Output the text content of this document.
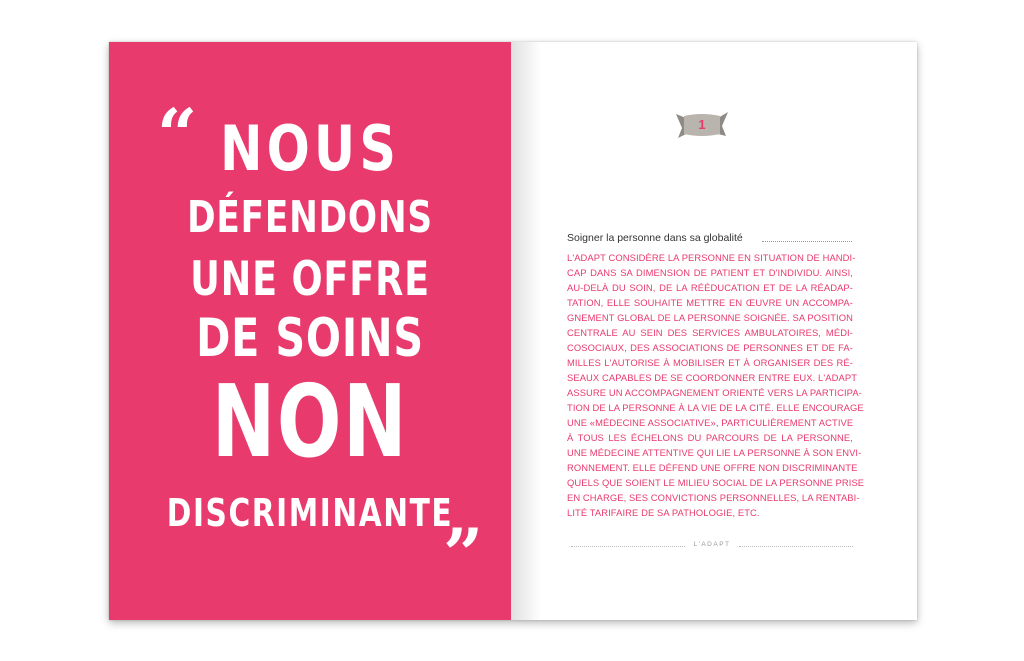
“ NOUS
DÉFENDONS
UNE OFFRE
DE SOINS
NON
DISCRIMINANTE
”
1
Soigner la personne dans sa globalité
L'ADAPT CONSIDÈRE LA PERSONNE EN SITUATION DE HANDI-
CAP DANS SA DIMENSION DE PATIENT ET D'INDIVIDU. AINSI,
AU-DELÀ DU SOIN, DE LA RÉÉDUCATION ET DE LA RÉADAP-
TATION, ELLE SOUHAITE METTRE EN ŒUVRE UN ACCOMPA-
GNEMENT GLOBAL DE LA PERSONNE SOIGNÉE. SA POSITION
CENTRALE AU SEIN DES SERVICES AMBULATOIRES, MÉDI-
COSOCIAUX, DES ASSOCIATIONS DE PERSONNES ET DE FA-
MILLES L'AUTORISE À MOBILISER ET À ORGANISER DES RÉ-
SEAUX CAPABLES DE SE COORDONNER ENTRE EUX. L'ADAPT
ASSURE UN ACCOMPAGNEMENT ORIENTÉ VERS LA PARTICIPA-
TION DE LA PERSONNE À LA VIE DE LA CITÉ. ELLE ENCOURAGE
UNE «MÉDECINE ASSOCIATIVE», PARTICULIÈREMENT ACTIVE
À TOUS LES ÉCHELONS DU PARCOURS DE LA PERSONNE,
UNE MÉDECINE ATTENTIVE QUI LIE LA PERSONNE À SON ENVI-
RONNEMENT. ELLE DÉFEND UNE OFFRE NON DISCRIMINANTE
QUELS QUE SOIENT LE MILIEU SOCIAL DE LA PERSONNE PRISE
EN CHARGE, SES CONVICTIONS PERSONNELLES, LA RENTABI-
LITÉ TARIFAIRE DE SA PATHOLOGIE, ETC.
L'ADAPT
